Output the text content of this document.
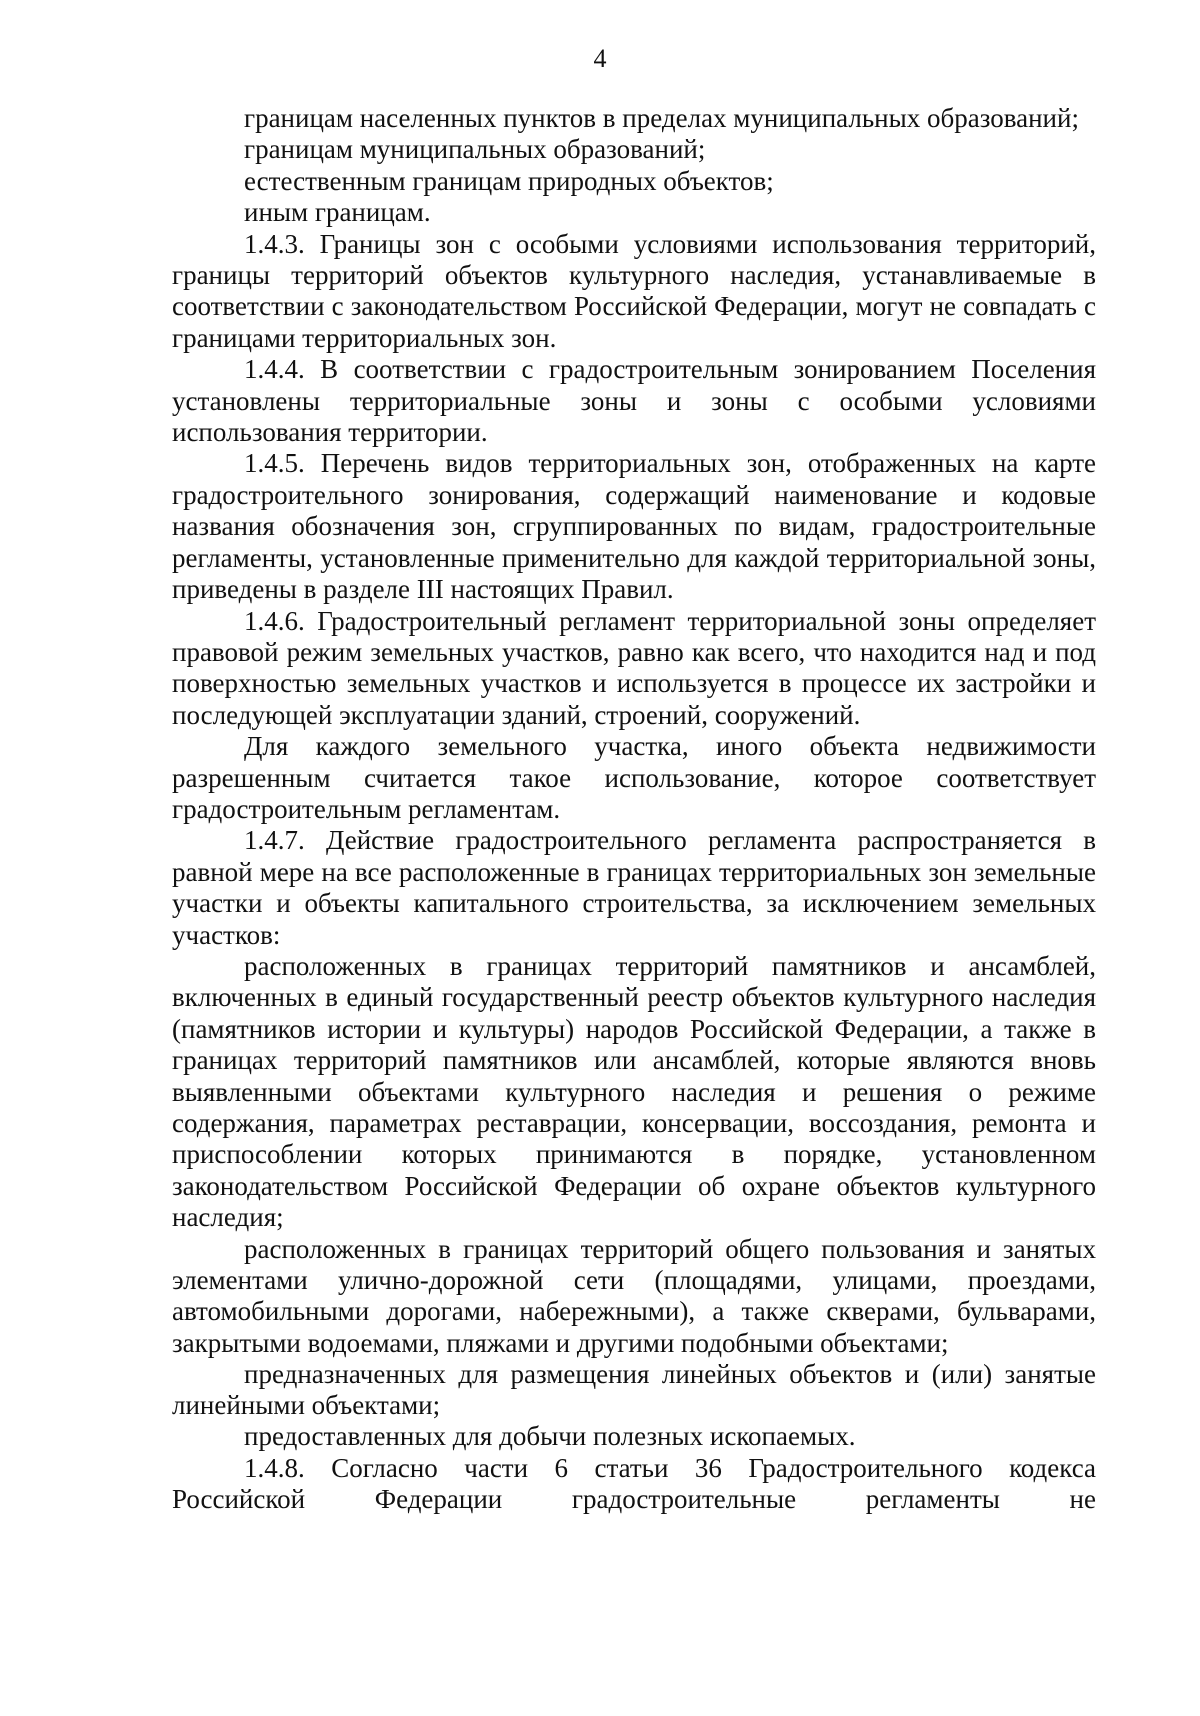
4

границам населенных пунктов в пределах муниципальных образований;

границам муниципальных образований;

естественным границам природных объектов;

иным границам.

1.4.3. Границы зон с особыми условиями использования территорий, границы территорий объектов культурного наследия, устанавливаемые в соответствии с законодательством Российской Федерации, могут не совпадать с границами территориальных зон.

1.4.4. В соответствии с градостроительным зонированием Поселения установлены территориальные зоны и зоны с особыми условиями использования территории.

1.4.5. Перечень видов территориальных зон, отображенных на карте градостроительного зонирования, содержащий наименование и кодовые названия обозначения зон, сгруппированных по видам, градостроительные регламенты, установленные применительно для каждой территориальной зоны, приведены в разделе III настоящих Правил.

1.4.6. Градостроительный регламент территориальной зоны определяет правовой режим земельных участков, равно как всего, что находится над и под поверхностью земельных участков и используется в процессе их застройки и последующей эксплуатации зданий, строений, сооружений.

Для каждого земельного участка, иного объекта недвижимости разрешенным считается такое использование, которое соответствует градостроительным регламентам.

1.4.7. Действие градостроительного регламента распространяется в равной мере на все расположенные в границах территориальных зон земельные участки и объекты капитального строительства, за исключением земельных участков:

расположенных в границах территорий памятников и ансамблей, включенных в единый государственный реестр объектов культурного наследия (памятников истории и культуры) народов Российской Федерации, а также в границах территорий памятников или ансамблей, которые являются вновь выявленными объектами культурного наследия и решения о режиме содержания, параметрах реставрации, консервации, воссоздания, ремонта и приспособлении которых принимаются в порядке, установленном законодательством Российской Федерации об охране объектов культурного наследия;

расположенных в границах территорий общего пользования и занятых элементами улично-дорожной сети (площадями, улицами, проездами, автомобильными дорогами, набережными), а также скверами, бульварами, закрытыми водоемами, пляжами и другими подобными объектами;

предназначенных для размещения линейных объектов и (или) занятые линейными объектами;

предоставленных для добычи полезных ископаемых.

1.4.8. Согласно части 6 статьи 36 Градостроительного кодекса Российской Федерации градостроительные регламенты не
